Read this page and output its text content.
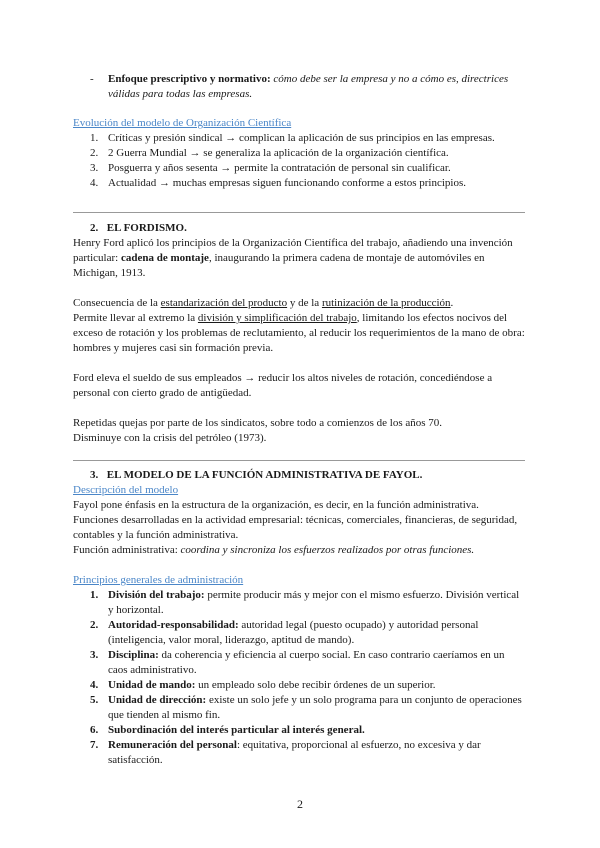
- Enfoque prescriptivo y normativo: cómo debe ser la empresa y no a cómo es, directrices válidas para todas las empresas.

Evolución del modelo de Organización Científica

1. Críticas y presión sindical → complican la aplicación de sus principios en las empresas.
2. 2 Guerra Mundial → se generaliza la aplicación de la organización científica.
3. Posguerra y años sesenta → permite la contratación de personal sin cualificar.
4. Actualidad → muchas empresas siguen funcionando conforme a estos principios.

2. EL FORDISMO.

Henry Ford aplicó los principios de la Organización Científica del trabajo, añadiendo una invención particular: cadena de montaje, inaugurando la primera cadena de montaje de automóviles en Michigan, 1913.

Consecuencia de la estandarización del producto y de la rutinización de la producción.

Permite llevar al extremo la división y simplificación del trabajo, limitando los efectos nocivos del exceso de rotación y los problemas de reclutamiento, al reducir los requerimientos de la mano de obra: hombres y mujeres casi sin formación previa.

Ford eleva el sueldo de sus empleados → reducir los altos niveles de rotación, concediéndose a personal con cierto grado de antigüedad.

Repetidas quejas por parte de los sindicatos, sobre todo a comienzos de los años 70.

Disminuye con la crisis del petróleo (1973).

3. EL MODELO DE LA FUNCIÓN ADMINISTRATIVA DE FAYOL.

Descripción del modelo

Fayol pone énfasis en la estructura de la organización, es decir, en la función administrativa.

Funciones desarrolladas en la actividad empresarial: técnicas, comerciales, financieras, de seguridad, contables y la función administrativa.

Función administrativa: coordina y sincroniza los esfuerzos realizados por otras funciones.

Principios generales de administración

1. División del trabajo: permite producir más y mejor con el mismo esfuerzo. División vertical y horizontal.
2. Autoridad-responsabilidad: autoridad legal (puesto ocupado) y autoridad personal (inteligencia, valor moral, liderazgo, aptitud de mando).
3. Disciplina: da coherencia y eficiencia al cuerpo social. En caso contrario caeríamos en un caos administrativo.
4. Unidad de mando: un empleado solo debe recibir órdenes de un superior.
5. Unidad de dirección: existe un solo jefe y un solo programa para un conjunto de operaciones que tienden al mismo fin.
6. Subordinación del interés particular al interés general.
7. Remuneración del personal: equitativa, proporcional al esfuerzo, no excesiva y dar satisfacción.
2
